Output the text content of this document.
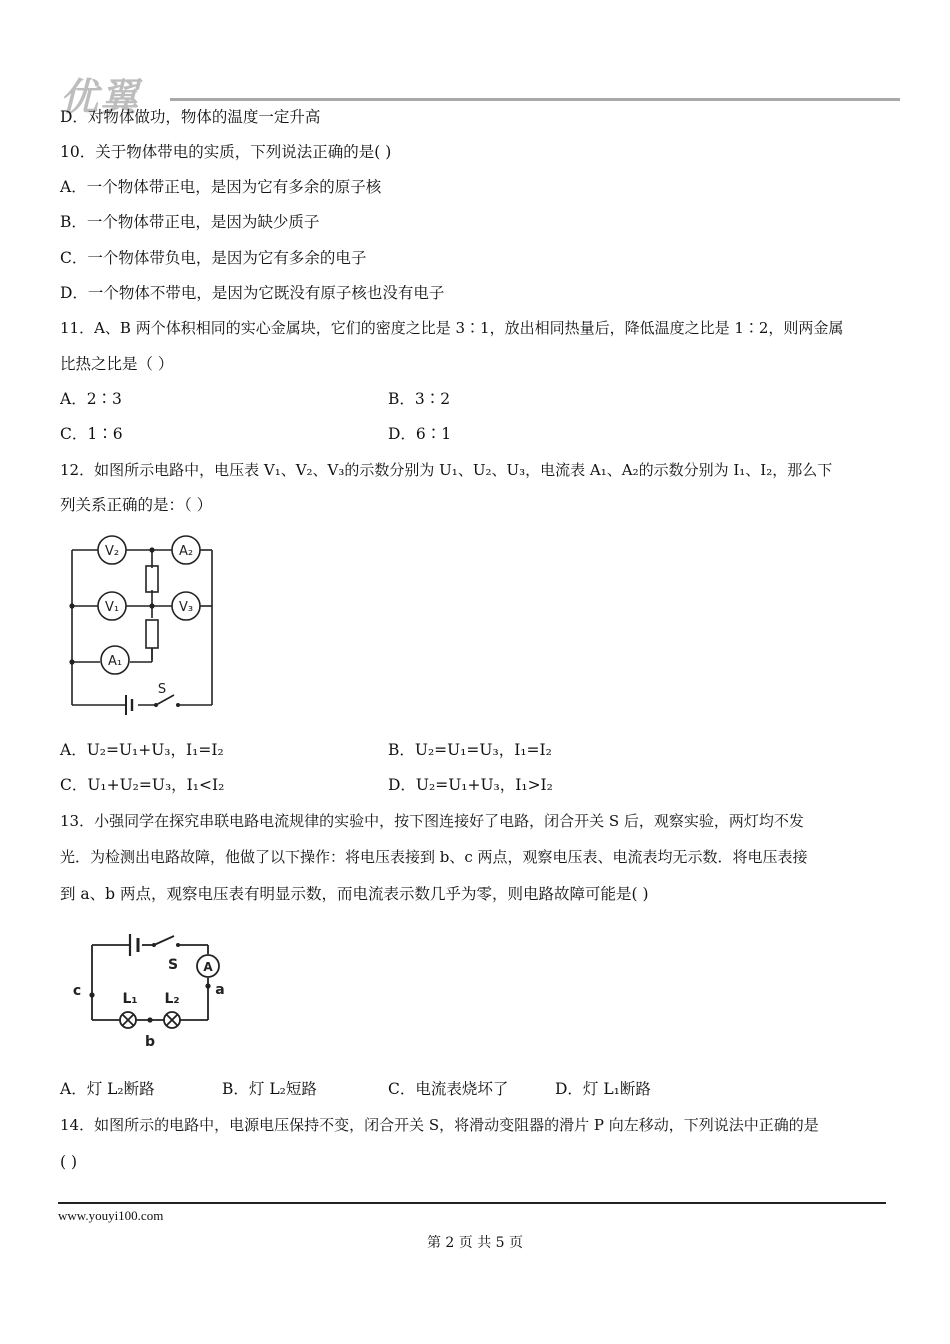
优翼
D．对物体做功，物体的温度一定升高
10．关于物体带电的实质，下列说法正确的是( )
A．一个物体带正电，是因为它有多余的原子核
B．一个物体带正电，是因为缺少质子
C．一个物体带负电，是因为它有多余的电子
D．一个物体不带电，是因为它既没有原子核也没有电子
11．A、B 两个体积相同的实心金属块，它们的密度之比是 3∶1，放出相同热量后，降低温度之比是 1∶2，则两金属
比热之比是（ ）
A．2∶3	B．3∶2
C．1∶6	D．6∶1
12．如图所示电路中，电压表 V₁、V₂、V₃的示数分别为 U₁、U₂、U₃，电流表 A₁、A₂的示数分别为 I₁、I₂，那么下
列关系正确的是：（ ）
V₂	A₂
V₁	V₃
A₁
S
A．U₂=U₁+U₃，I₁=I₂	B．U₂=U₁=U₃，I₁=I₂
C．U₁+U₂=U₃，I₁<I₂	D．U₂=U₁+U₃，I₁>I₂
13．小强同学在探究串联电路电流规律的实验中，按下图连接好了电路，闭合开关 S 后，观察实验，两灯均不发
光．为检测出电路故障，他做了以下操作：将电压表接到 b、c 两点，观察电压表、电流表均无示数．将电压表接
到 a、b 两点，观察电压表有明显示数，而电流表示数几乎为零，则电路故障可能是( )
S A
a
b
c	L₁ L₂
A．灯 L₂断路	B．灯 L₂短路	C．电流表烧坏了	D．灯 L₁断路
14．如图所示的电路中，电源电压保持不变，闭合开关 S，将滑动变阻器的滑片 P 向左移动，下列说法中正确的是
( )
www.youyi100.com
第 2 页 共 5 页
